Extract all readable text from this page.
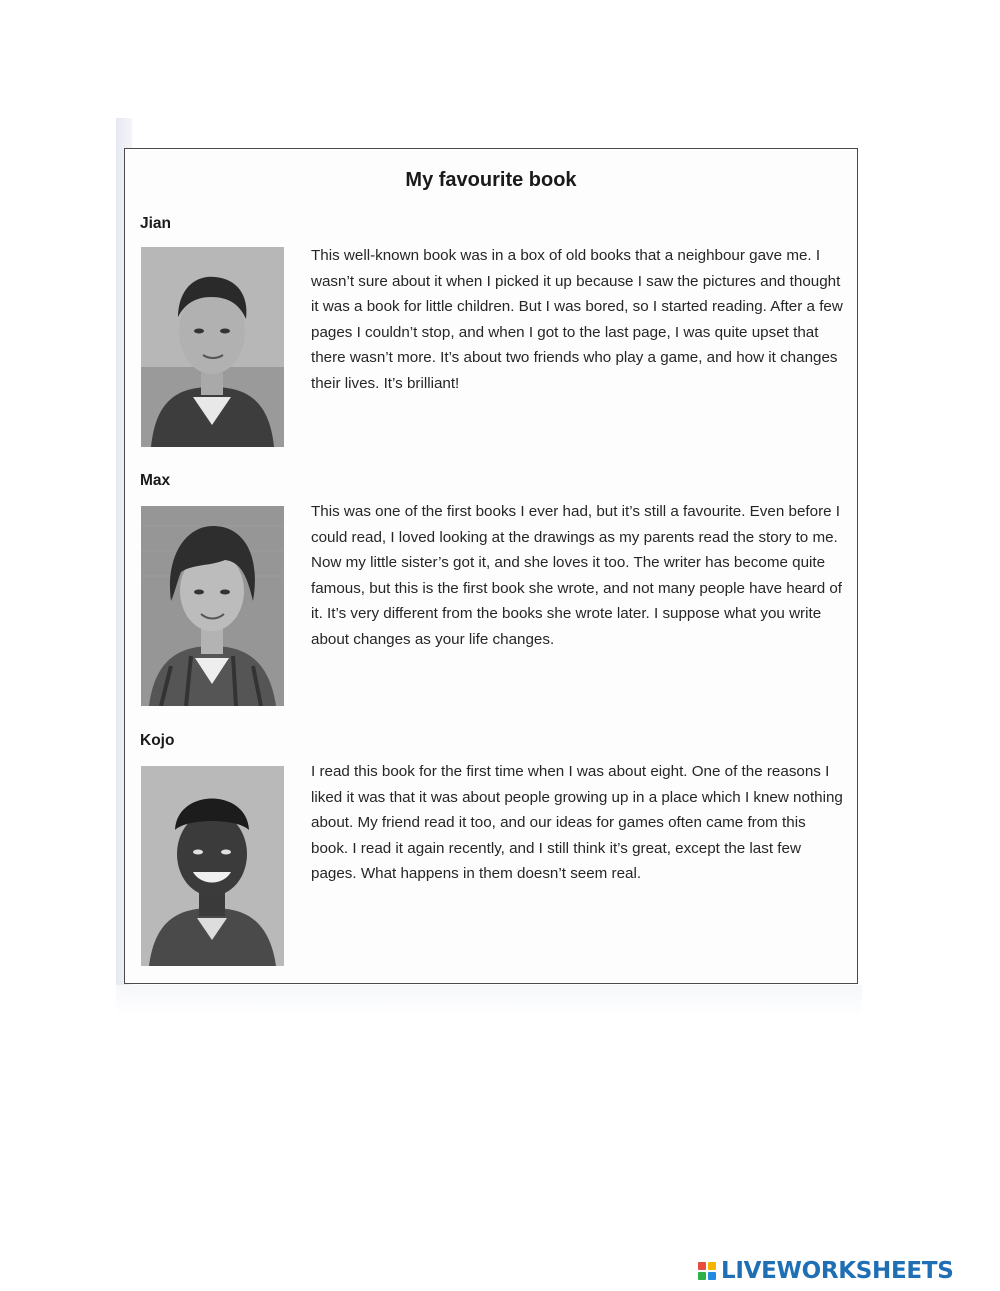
My favourite book
Jian

This well-known book was in a box of old books that a neighbour gave me. I wasn’t sure about it when I picked it up because I saw the pictures and thought it was a book for little children. But I was bored, so I started reading. After a few pages I couldn’t stop, and when I got to the last page, I was quite upset that there wasn’t more. It’s about two friends who play a game, and how it changes their lives. It’s brilliant!

Max

This was one of the first books I ever had, but it’s still a favourite. Even before I could read, I loved looking at the drawings as my parents read the story to me. Now my little sister’s got it, and she loves it too. The writer has become quite famous, but this is the first book she wrote, and not many people have heard of it. It’s very different from the books she wrote later. I suppose what you write about changes as your life changes.

Kojo

I read this book for the first time when I was about eight. One of the reasons I liked it was that it was about people growing up in a place which I knew nothing about. My friend read it too, and our ideas for games often came from this book. I read it again recently, and I still think it’s great, except the last few pages. What happens in them doesn’t seem real.

LIVEWORKSHEETS
